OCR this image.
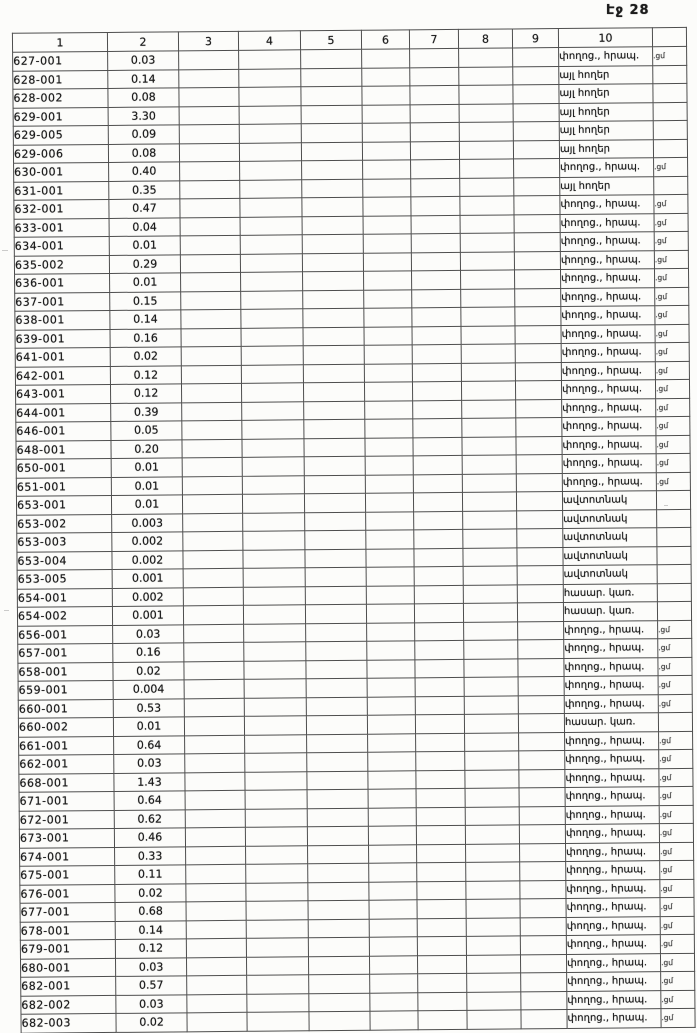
Էջ 28
1	2	3	4	5	6	7	8	9	10	
627-001	0.03								փողոց., հրապ.	.ցմ
628-001	0.14								այլ հողեր	
628-002	0.08								այլ հողեր	
629-001	3.30								այլ հողեր	
629-005	0.09								այլ հողեր	
629-006	0.08								այլ հողեր	
630-001	0.40								փողոց., հրապ.	.ցմ
631-001	0.35								այլ հողեր	
632-001	0.47								փողոց., հրապ.	.ցմ
633-001	0.04								փողոց., հրապ.	.ցմ
634-001	0.01								փողոց., հրապ.	.ցմ
635-002	0.29								փողոց., հրապ.	.ցմ
636-001	0.01								փողոց., հրապ.	.ցմ
637-001	0.15								փողոց., հրապ.	.ցմ
638-001	0.14								փողոց., հրապ.	.ցմ
639-001	0.16								փողոց., հրապ.	.ցմ
641-001	0.02								փողոց., հրապ.	.ցմ
642-001	0.12								փողոց., հրապ.	.ցմ
643-001	0.12								փողոց., հրապ.	.ցմ
644-001	0.39								փողոց., հրապ.	.ցմ
646-001	0.05								փողոց., հրապ.	.ցմ
648-001	0.20								փողոց., հրապ.	.ցմ
650-001	0.01								փողոց., հրապ.	.ցմ
651-001	0.01								փողոց., հրապ.	.ցմ
653-001	0.01								ավտոտնակ	
653-002	0.003								ավտոտնակ	
653-003	0.002								ավտոտնակ	
653-004	0.002								ավտոտնակ	
653-005	0.001								ավտոտնակ	
654-001	0.002								հասար. կառ.	
654-002	0.001								հասար. կառ.	
656-001	0.03								փողոց., հրապ.	.ցմ
657-001	0.16								փողոց., հրապ.	.ցմ
658-001	0.02								փողոց., հրապ.	.ցմ
659-001	0.004								փողոց., հրապ.	.ցմ
660-001	0.53								փողոց., հրապ.	.ցմ
660-002	0.01								հասար. կառ.	
661-001	0.64								փողոց., հրապ.	.ցմ
662-001	0.03								փողոց., հրապ.	.ցմ
668-001	1.43								փողոց., հրապ.	.ցմ
671-001	0.64								փողոց., հրապ.	.ցմ
672-001	0.62								փողոց., հրապ.	.ցմ
673-001	0.46								փողոց., հրապ.	.ցմ
674-001	0.33								փողոց., հրապ.	.ցմ
675-001	0.11								փողոց., հրապ.	.ցմ
676-001	0.02								փողոց., հրապ.	.ցմ
677-001	0.68								փողոց., հրապ.	.ցմ
678-001	0.14								փողոց., հրապ.	.ցմ
679-001	0.12								փողոց., հրապ.	.ցմ
680-001	0.03								փողոց., հրապ.	.ցմ
682-001	0.57								փողոց., հրապ.	.ցմ
682-002	0.03								փողոց., հրապ.	.ցմ
682-003	0.02								փողոց., հրապ.	.ցմ
